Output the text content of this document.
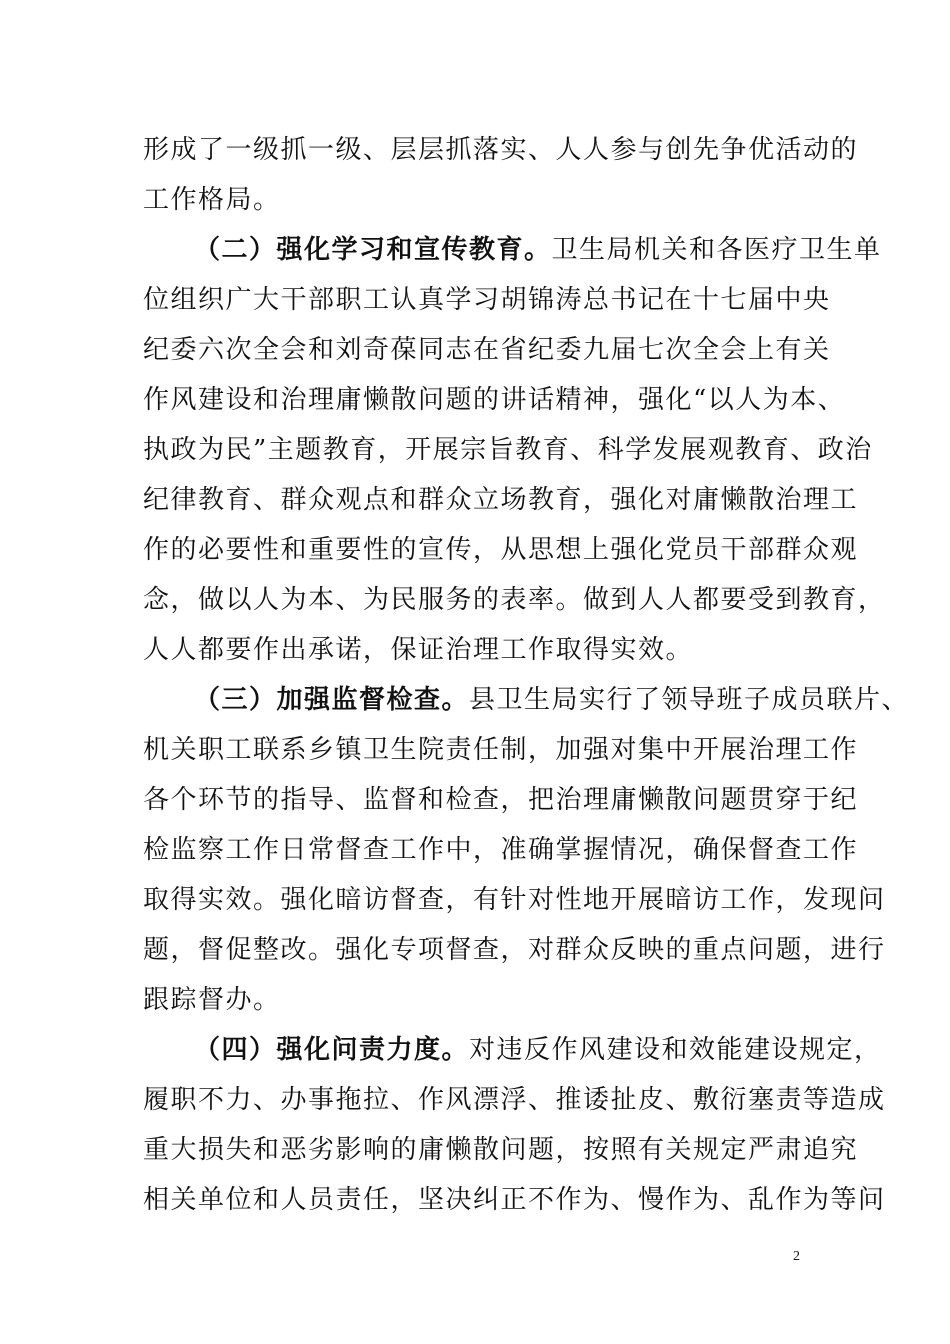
形成了一级抓一级、层层抓落实、人人参与创先争优活动的
工作格局。
（二）强化学习和宣传教育。卫生局机关和各医疗卫生单
位组织广大干部职工认真学习胡锦涛总书记在十七届中央
纪委六次全会和刘奇葆同志在省纪委九届七次全会上有关
作风建设和治理庸懒散问题的讲话精神，强化“以人为本、
执政为民”主题教育，开展宗旨教育、科学发展观教育、政治
纪律教育、群众观点和群众立场教育，强化对庸懒散治理工
作的必要性和重要性的宣传，从思想上强化党员干部群众观
念，做以人为本、为民服务的表率。做到人人都要受到教育，
人人都要作出承诺，保证治理工作取得实效。
（三）加强监督检查。县卫生局实行了领导班子成员联片、
机关职工联系乡镇卫生院责任制，加强对集中开展治理工作
各个环节的指导、监督和检查，把治理庸懒散问题贯穿于纪
检监察工作日常督查工作中，准确掌握情况，确保督查工作
取得实效。强化暗访督查，有针对性地开展暗访工作，发现问
题，督促整改。强化专项督查，对群众反映的重点问题，进行
跟踪督办。
（四）强化问责力度。对违反作风建设和效能建设规定，
履职不力、办事拖拉、作风漂浮、推诿扯皮、敷衍塞责等造成
重大损失和恶劣影响的庸懒散问题，按照有关规定严肃追究
相关单位和人员责任，坚决纠正不作为、慢作为、乱作为等问
2
